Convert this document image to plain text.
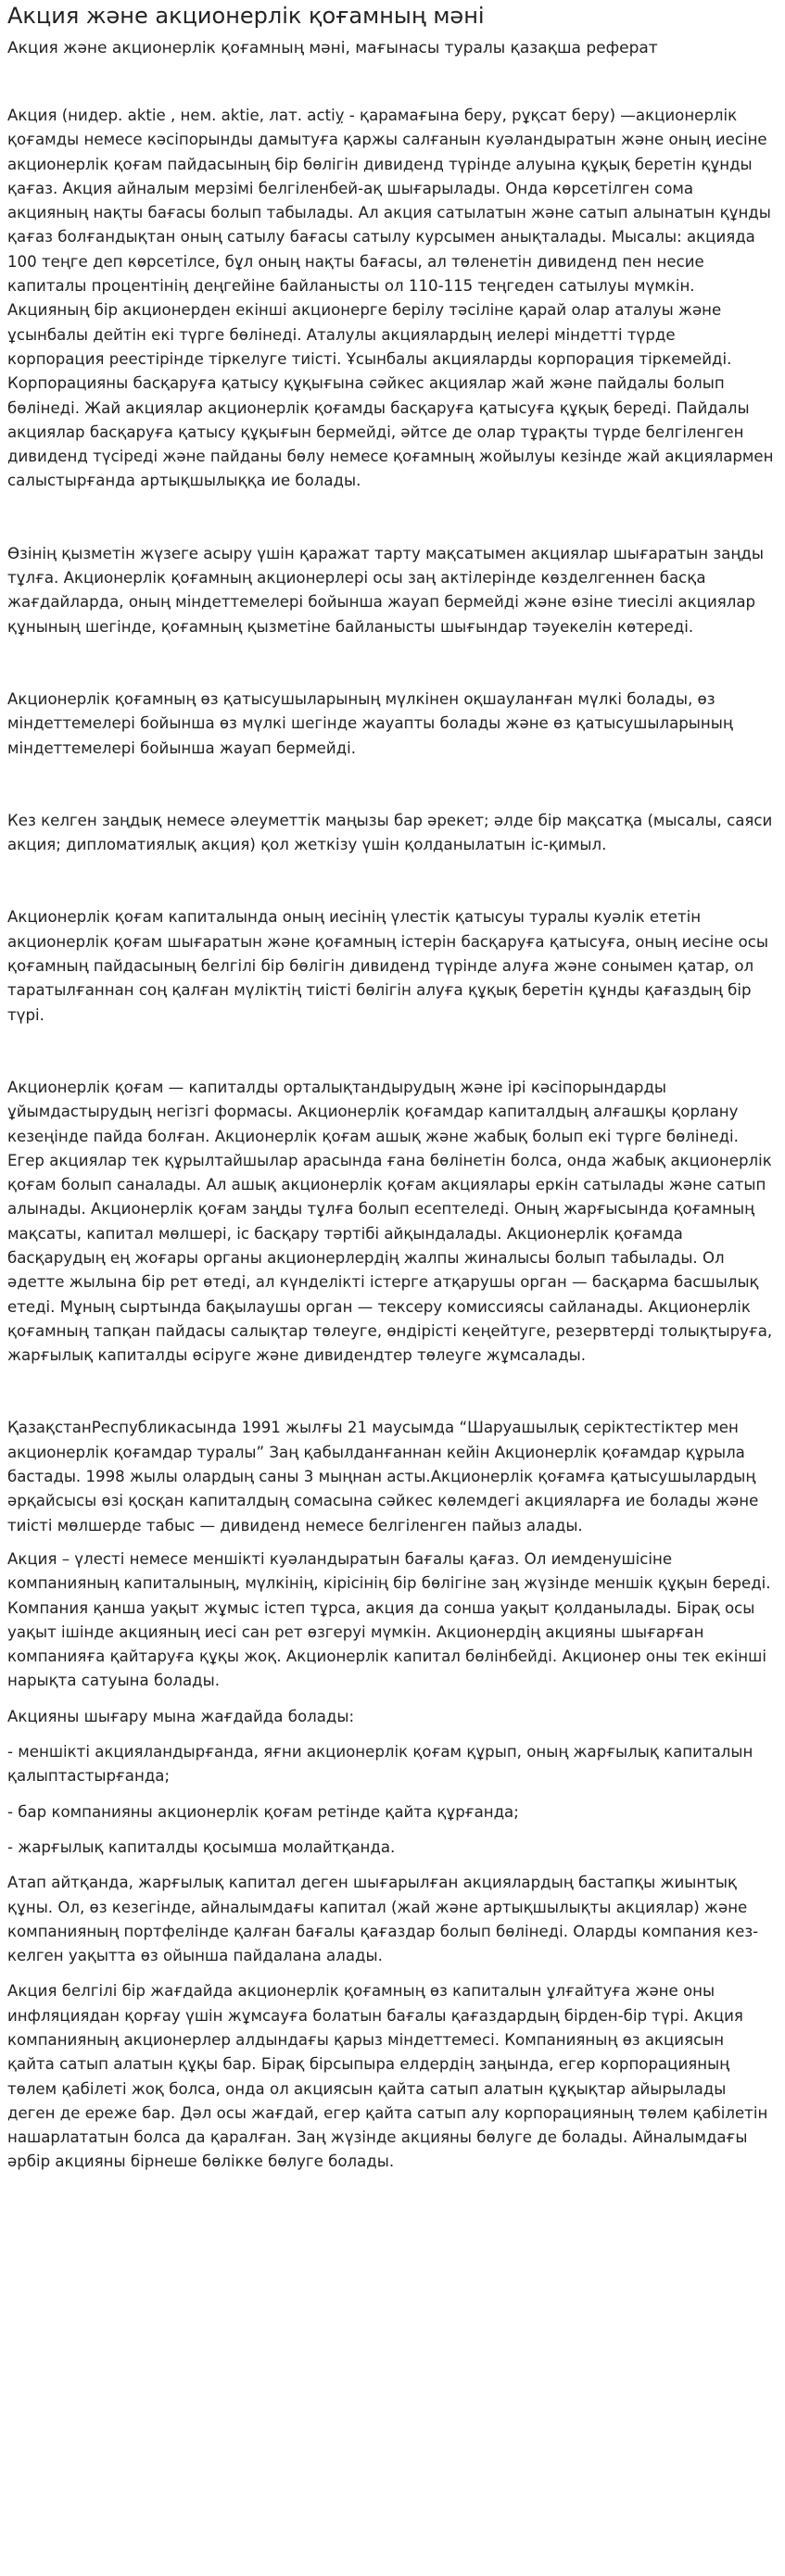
Акция және акционерлік қоғамның мәні
Акция және акционерлік қоғамның мәні, мағынасы туралы қазақша реферат

Акция (нидер. aktie , нем. aktie, лат. actiỵ - қарамағына беру, рұқсат беру) —акционерлік қоғамды немесе кәсіпорынды дамытуға қаржы салғанын куәландыратын және оның иесіне акционерлік қоғам пайдасының бір бөлігін дивиденд түрінде алуына құқық беретін құнды қағаз. Акция айналым мерзімі белгіленбей-ақ шығарылады. Онда көрсетілген сома акцияның нақты бағасы болып табылады. Ал акция сатылатын және сатып алынатын құнды қағаз болғандықтан оның сатылу бағасы сатылу курсымен анықталады. Мысалы: акцияда 100 теңге деп көрсетілсе, бұл оның нақты бағасы, ал төленетін дивиденд пен несие капиталы процентінің деңгейіне байланысты ол 110-115 теңгеден сатылуы мүмкін. Акцияның бір акционерден екінші акционерге берілу тәсіліне қарай олар аталуы және ұсынбалы дейтін екі түрге бөлінеді. Аталулы акциялардың иелері міндетті түрде корпорация реестірінде тіркелуге тиісті. Ұсынбалы акцияларды корпорация тіркемейді. Корпорацияны басқаруға қатысу құқығына сәйкес акциялар жай және пайдалы болып бөлінеді. Жай акциялар акционерлік қоғамды басқаруға қатысуға құқық береді. Пайдалы акциялар басқаруға қатысу құқығын бермейді, әйтсе де олар тұрақты түрде белгіленген дивиденд түсіреді және пайданы бөлу немесе қоғамның жойылуы кезінде жай акциялармен салыстырғанда артықшылыққа ие болады.

Өзінің қызметін жүзеге асыру үшін қаражат тарту мақсатымен акциялар шығаратын заңды тұлға. Акционерлік қоғамның акционерлері осы заң актілерінде көзделгеннен басқа жағдайларда, оның міндеттемелері бойынша жауап бермейді және өзіне тиесілі акциялар құнының шегінде, қоғамның қызметіне байланысты шығындар тәуекелін көтереді.

Акционерлік қоғамның өз қатысушыларының мүлкінен оқшауланған мүлкі болады, өз міндеттемелері бойынша өз мүлкі шегінде жауапты болады және өз қатысушыларының міндеттемелері бойынша жауап бермейді.

Кез келген заңдық немесе әлеуметтік маңызы бар әрекет; әлде бір мақсатқа (мысалы, саяси акция; дипломатиялық акция) қол жеткізу үшін қолданылатын іс-қимыл.

Акционерлік қоғам капиталында оның иесінің үлестік қатысуы туралы куәлік ететін акционерлік қоғам шығаратын және қоғамның істерін басқаруға қатысуға, оның иесіне осы қоғамның пайдасының белгілі бір бөлігін дивиденд түрінде алуға және сонымен қатар, ол таратылғаннан соң қалған мүліктің тиісті бөлігін алуға құқық беретін құнды қағаздың бір түрі.

Акционерлік қоғам — капиталды орталықтандырудың және ірі кәсіпорындарды ұйымдастырудың негізгі формасы. Акционерлік қоғамдар капиталдың алғашқы қорлану кезеңінде пайда болған. Акционерлік қоғам ашық және жабық болып екі түрге бөлінеді. Егер акциялар тек құрылтайшылар арасында ғана бөлінетін болса, онда жабық акционерлік қоғам болып саналады. Ал ашық акционерлік қоғам акциялары еркін сатылады және сатып алынады. Акционерлік қоғам заңды тұлға болып есептеледі. Оның жарғысында қоғамның мақсаты, капитал мөлшері, іс басқару тәртібі айқындалады. Акционерлік қоғамда басқарудың ең жоғары органы акционерлердің жалпы жиналысы болып табылады. Ол әдетте жылына бір рет өтеді, ал күнделікті істерге атқарушы орган — басқарма басшылық етеді. Мұның сыртында бақылаушы орган — тексеру комиссиясы сайланады. Акционерлік қоғамның тапқан пайдасы салықтар төлеуге, өндірісті кеңейтуге, резервтерді толықтыруға, жарғылық капиталды өсіруге және дивидендтер төлеуге жұмсалады.

ҚазақстанРеспубликасында 1991 жылғы 21 маусымда “Шаруашылық серіктестіктер мен акционерлік қоғамдар туралы” Заң қабылданғаннан кейін Акционерлік қоғамдар құрыла бастады. 1998 жылы олардың саны 3 мыңнан асты.Акционерлік қоғамға қатысушылардың әрқайсысы өзі қосқан капиталдың сомасына сәйкес көлемдегі акцияларға ие болады және тиісті мөлшерде табыс — дивиденд немесе белгіленген пайыз алады.

Акция – үлесті немесе меншікті куәландыратын бағалы қағаз. Ол иемденушісіне компанияның капиталының, мүлкінің, кірісінің бір бөлігіне заң жүзінде меншік құқын береді. Компания қанша уақыт жұмыс істеп тұрса, акция да сонша уақыт қолданылады. Бірақ осы уақыт ішінде акцияның иесі сан рет өзгеруі мүмкін. Акционердің акцияны шығарған компанияға қайтаруға құқы жоқ. Акционерлік капитал бөлінбейді. Акционер оны тек екінші нарықта сатуына болады.

Акцияны шығару мына жағдайда болады:

- меншікті акцияландырғанда, яғни акционерлік қоғам құрып, оның жарғылық капиталын қалыптастырғанда;

- бар компанияны акционерлік қоғам ретінде қайта құрғанда;

- жарғылық капиталды қосымша молайтқанда.

Атап айтқанда, жарғылық капитал деген шығарылған акциялардың бастапқы жиынтық құны. Ол, өз кезегінде, айналымдағы капитал (жай және артықшылықты акциялар) және компанияның портфелінде қалған бағалы қағаздар болып бөлінеді. Оларды компания кез-келген уақытта өз ойынша пайдалана алады.

Акция белгілі бір жағдайда акционерлік қоғамның өз капиталын ұлғайтуға және оны инфляциядан қорғау үшін жұмсауға болатын бағалы қағаздардың бірден-бір түрі. Акция компанияның акционерлер алдындағы қарыз міндеттемесі. Компанияның өз акциясын қайта сатып алатын құқы бар. Бірақ бірсыпыра елдердің заңында, егер корпорацияның төлем қабілеті жоқ болса, онда ол акциясын қайта сатып алатын құқықтар айырылады деген де ереже бар. Дәл осы жағдай, егер қайта сатып алу корпорацияның төлем қабілетін нашарлататын болса да қаралған. Заң жүзінде акцияны бөлуге де болады. Айналымдағы әрбір акцияны бірнеше бөлікке бөлуге болады.
